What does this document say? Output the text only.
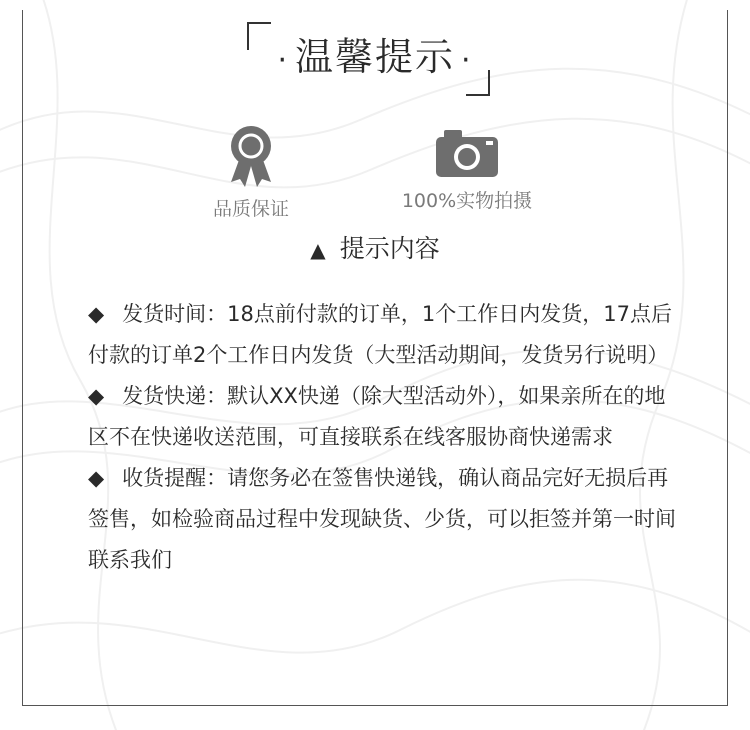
· 温馨提示 ·
品质保证	100%实物拍摄
▲ 提示内容

◆ 发货时间：18点前付款的订单，1个工作日内发货，17点后付款的订单2个工作日内发货（大型活动期间，发货另行说明）

◆ 发货快递：默认XX快递（除大型活动外），如果亲所在的地区不在快递收送范围，可直接联系在线客服协商快递需求

◆ 收货提醒：请您务必在签售快递钱，确认商品完好无损后再签售，如检验商品过程中发现缺货、少货，可以拒签并第一时间联系我们
